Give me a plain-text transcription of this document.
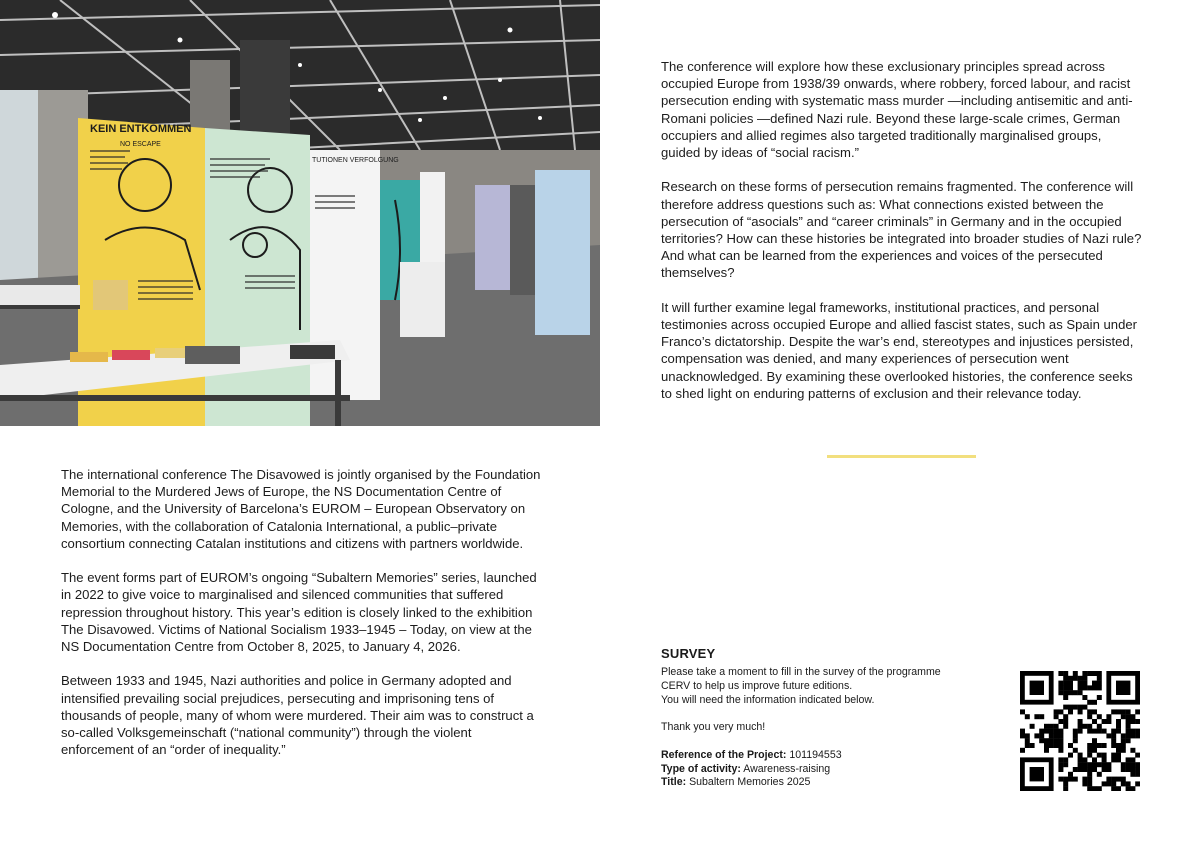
KEIN ENTKOMMEN
NO ESCAPE
TUTIONEN VERFOLGUNG

The international conference The Disavowed is jointly organised by the Foundation Memorial to the Murdered Jews of Europe, the NS Documentation Centre of Cologne, and the University of Barcelona’s EUROM – European Observatory on Memories, with the collaboration of Catalonia International, a public–private consortium connecting Catalan institutions and citizens with partners worldwide.

The event forms part of EUROM’s ongoing “Subaltern Memories” series, launched in 2022 to give voice to marginalised and silenced communities that suffered repression throughout history. This year’s edition is closely linked to the exhibition The Disavowed. Victims of National Socialism 1933–1945 – Today, on view at the NS Documentation Centre from October 8, 2025, to January 4, 2026.

Between 1933 and 1945, Nazi authorities and police in Germany adopted and intensified prevailing social prejudices, persecuting and imprisoning tens of thousands of people, many of whom were murdered. Their aim was to construct a so-called Volksgemeinschaft (“national community”) through the violent enforcement of an “order of inequality.”

The conference will explore how these exclusionary principles spread across occupied Europe from 1938/39 onwards, where robbery, forced labour, and racist persecution ending with systematic mass murder —including antisemitic and anti-Romani policies —defined Nazi rule. Beyond these large-scale crimes, German occupiers and allied regimes also targeted traditionally marginalised groups, guided by ideas of “social racism.”

Research on these forms of persecution remains fragmented. The conference will therefore address questions such as: What connections existed between the persecution of “asocials” and “career criminals” in Germany and in the occupied territories? How can these histories be integrated into broader studies of Nazi rule? And what can be learned from the experiences and voices of the persecuted themselves?

It will further examine legal frameworks, institutional practices, and personal testimonies across occupied Europe and allied fascist states, such as Spain under Franco’s dictatorship. Despite the war’s end, stereotypes and injustices persisted, compensation was denied, and many experiences of persecution went unacknowledged. By examining these overlooked histories, the conference seeks to shed light on enduring patterns of exclusion and their relevance today.

SURVEY
Please take a moment to fill in the survey of the programme
CERV to help us improve future editions.
You will need the information indicated below.
Thank you very much!
Reference of the Project: 101194553
Type of activity: Awareness-raising
Title: Subaltern Memories 2025
